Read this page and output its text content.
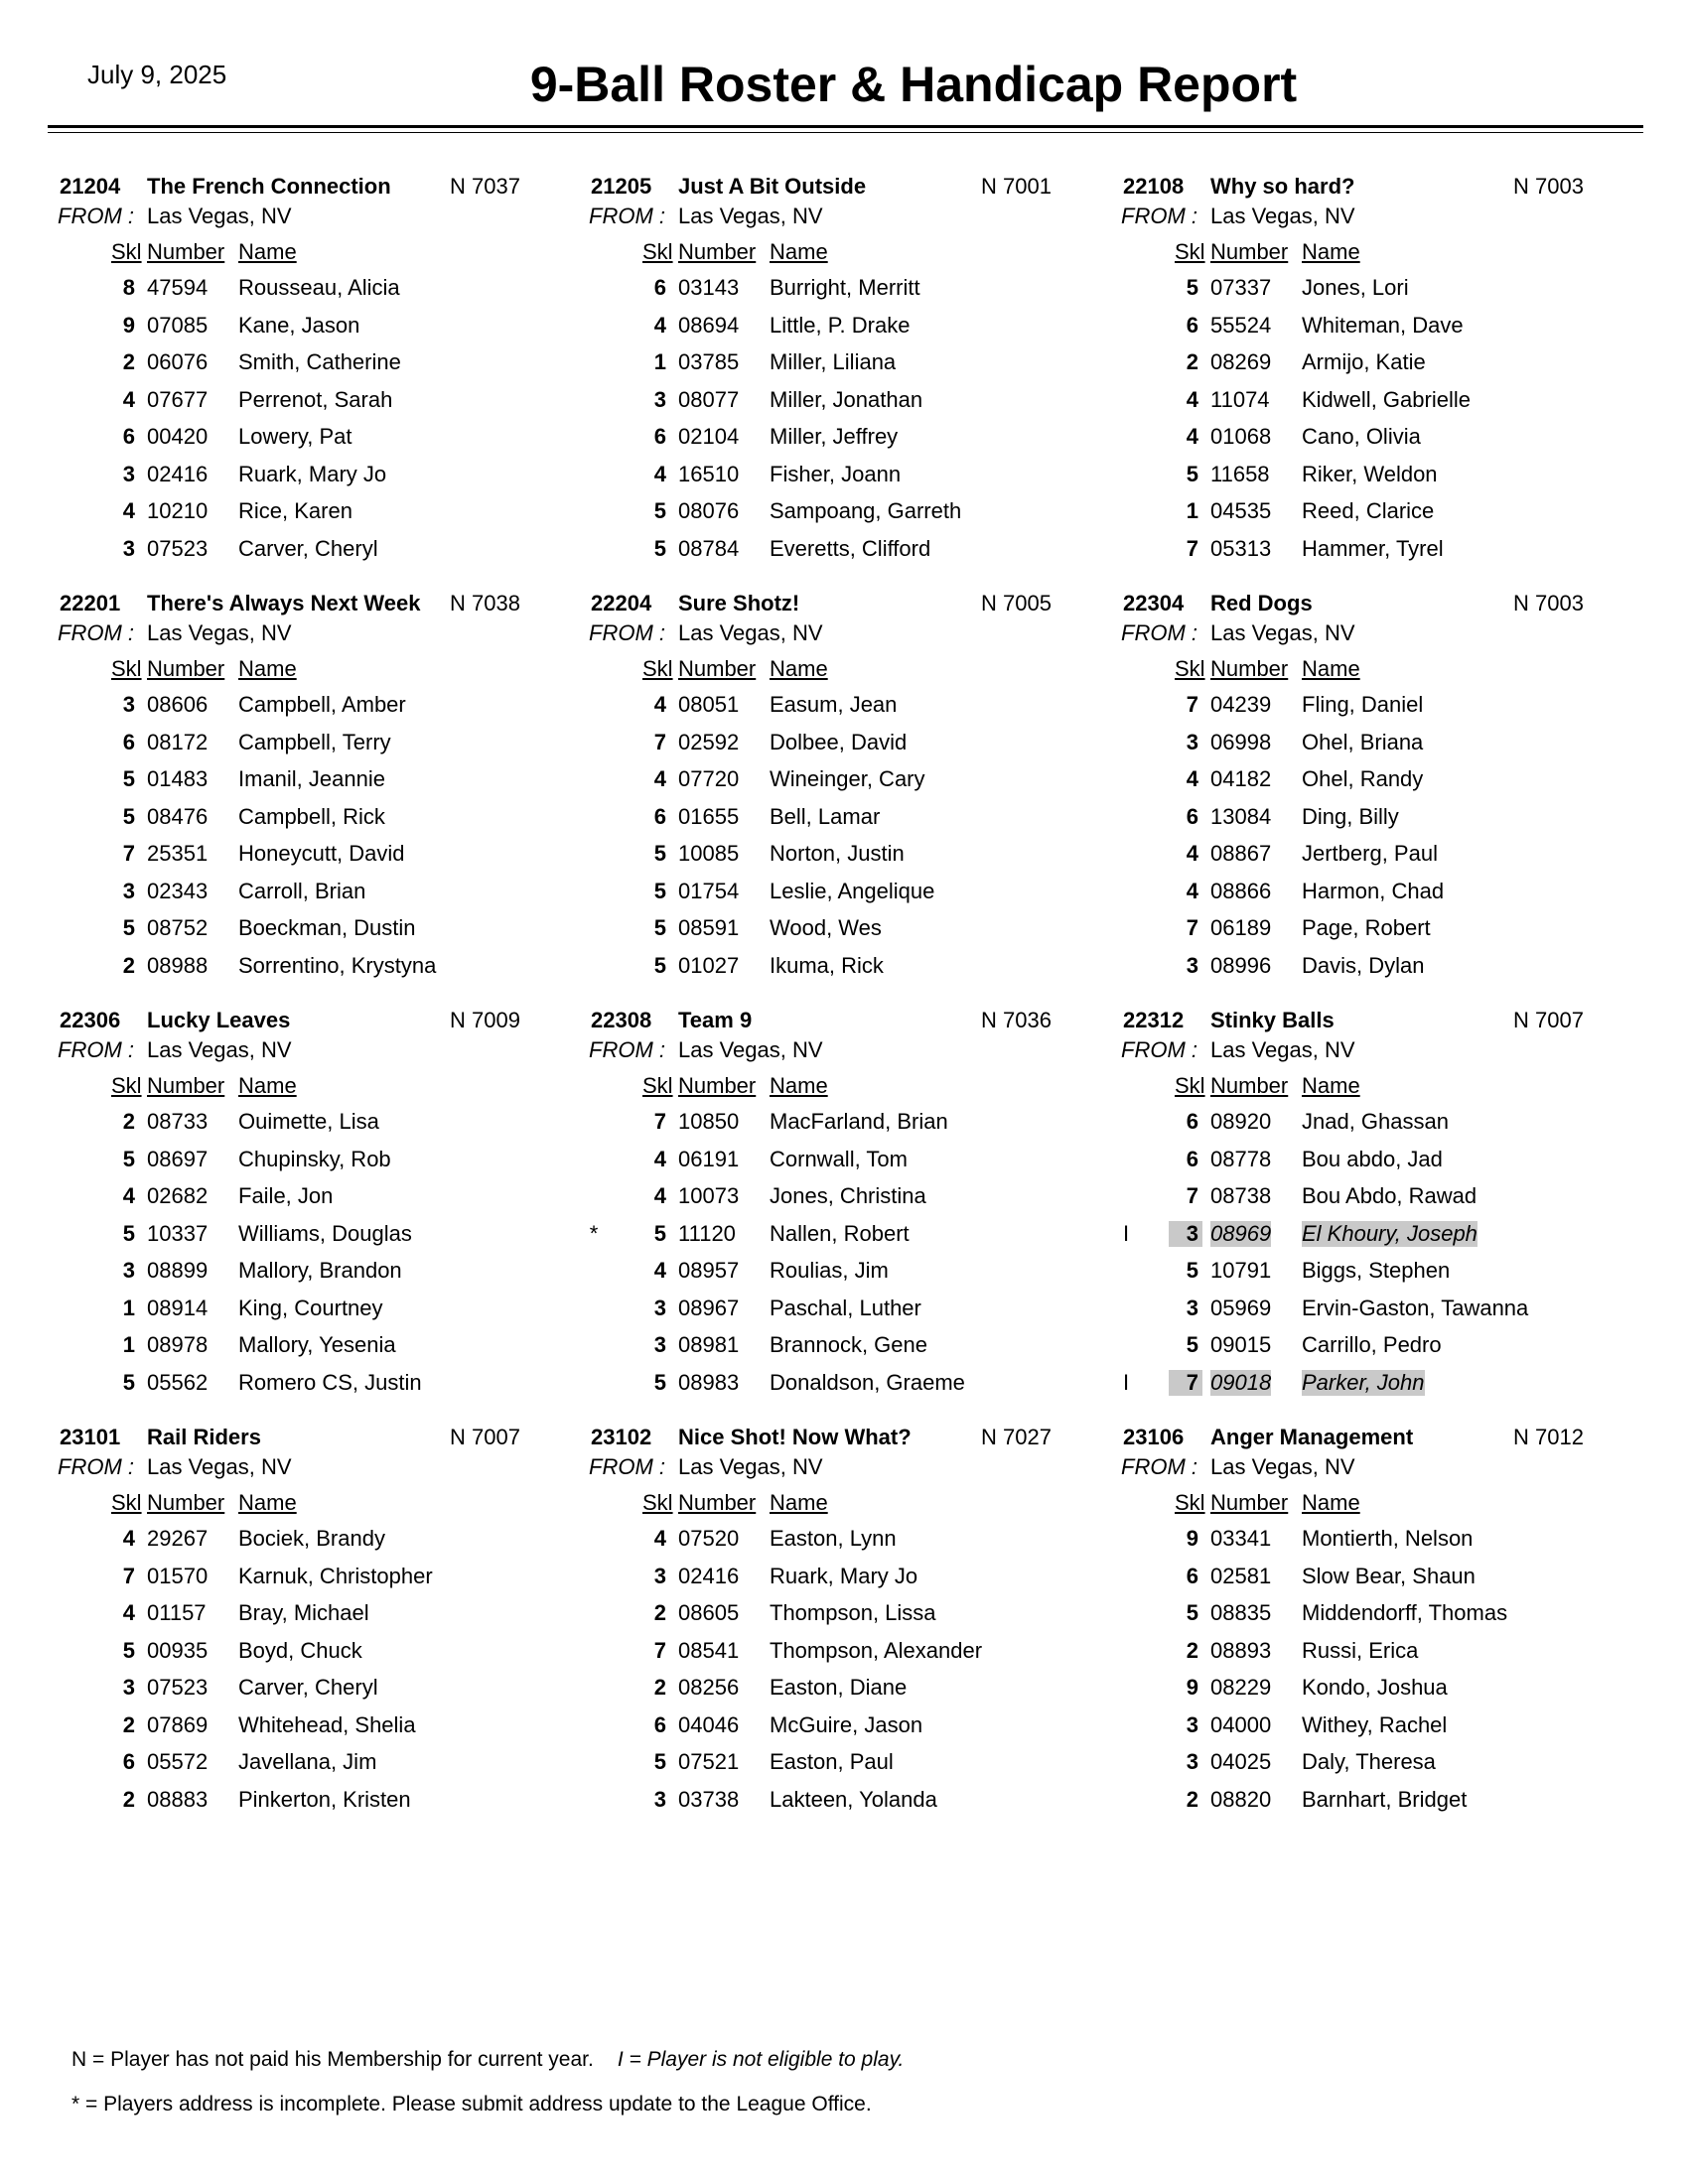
July 9, 2025	9-Ball Roster & Handicap Report
21204 The French Connection	N 7037
FROM : Las Vegas, NV
Skl Number Name
8 47594 Rousseau, Alicia
9 07085 Kane, Jason
2 06076 Smith, Catherine
4 07677 Perrenot, Sarah
6 00420 Lowery, Pat
3 02416 Ruark, Mary Jo
4 10210 Rice, Karen
3 07523 Carver, Cheryl
21205 Just A Bit Outside	N 7001
FROM : Las Vegas, NV
Skl Number Name
6 03143 Burright, Merritt
4 08694 Little, P. Drake
1 03785 Miller, Liliana
3 08077 Miller, Jonathan
6 02104 Miller, Jeffrey
4 16510 Fisher, Joann
5 08076 Sampoang, Garreth
5 08784 Everetts, Clifford
22108 Why so hard?	N 7003
FROM : Las Vegas, NV
Skl Number Name
5 07337 Jones, Lori
6 55524 Whiteman, Dave
2 08269 Armijo, Katie
4 11074 Kidwell, Gabrielle
4 01068 Cano, Olivia
5 11658 Riker, Weldon
1 04535 Reed, Clarice
7 05313 Hammer, Tyrel
22201 There's Always Next Week N 7038
FROM : Las Vegas, NV
Skl Number Name
3 08606 Campbell, Amber
6 08172 Campbell, Terry
5 01483 Imanil, Jeannie
5 08476 Campbell, Rick
7 25351 Honeycutt, David
3 02343 Carroll, Brian
5 08752 Boeckman, Dustin
2 08988 Sorrentino, Krystyna
22204 Sure Shotz!	N 7005
FROM : Las Vegas, NV
Skl Number Name
4 08051 Easum, Jean
7 02592 Dolbee, David
4 07720 Wineinger, Cary
6 01655 Bell, Lamar
5 10085 Norton, Justin
5 01754 Leslie, Angelique
5 08591 Wood, Wes
5 01027 Ikuma, Rick
22304 Red Dogs	N 7003
FROM : Las Vegas, NV
Skl Number Name
7 04239 Fling, Daniel
3 06998 Ohel, Briana
4 04182 Ohel, Randy
6 13084 Ding, Billy
4 08867 Jertberg, Paul
4 08866 Harmon, Chad
7 06189 Page, Robert
3 08996 Davis, Dylan
22306 Lucky Leaves	N 7009
FROM : Las Vegas, NV
Skl Number Name
2 08733 Ouimette, Lisa
5 08697 Chupinsky, Rob
4 02682 Faile, Jon
5 10337 Williams, Douglas
3 08899 Mallory, Brandon
1 08914 King, Courtney
1 08978 Mallory, Yesenia
5 05562 Romero CS, Justin
22308 Team 9	N 7036
FROM : Las Vegas, NV
Skl Number Name
7 10850 MacFarland, Brian
4 06191 Cornwall, Tom
4 10073 Jones, Christina
*	5 11120 Nallen, Robert
4 08957 Roulias, Jim
3 08967 Paschal, Luther
3 08981 Brannock, Gene
5 08983 Donaldson, Graeme
22312 Stinky Balls	N 7007
FROM : Las Vegas, NV
Skl Number Name
6 08920 Jnad, Ghassan
6 08778 Bou abdo, Jad
7 08738 Bou Abdo, Rawad
I	3 08969 El Khoury, Joseph
5 10791 Biggs, Stephen
3 05969 Ervin-Gaston, Tawanna
5 09015 Carrillo, Pedro
I	7 09018 Parker, John
23101 Rail Riders	N 7007
FROM : Las Vegas, NV
Skl Number Name
4 29267 Bociek, Brandy
7 01570 Karnuk, Christopher
4 01157 Bray, Michael
5 00935 Boyd, Chuck
3 07523 Carver, Cheryl
2 07869 Whitehead, Shelia
6 05572 Javellana, Jim
2 08883 Pinkerton, Kristen
23102 Nice Shot! Now What?	N 7027
FROM : Las Vegas, NV
Skl Number Name
4 07520 Easton, Lynn
3 02416 Ruark, Mary Jo
2 08605 Thompson, Lissa
7 08541 Thompson, Alexander
2 08256 Easton, Diane
6 04046 McGuire, Jason
5 07521 Easton, Paul
3 03738 Lakteen, Yolanda
23106 Anger Management	N 7012
FROM : Las Vegas, NV
Skl Number Name
9 03341 Montierth, Nelson
6 02581 Slow Bear, Shaun
5 08835 Middendorff, Thomas
2 08893 Russi, Erica
9 08229 Kondo, Joshua
3 04000 Withey, Rachel
3 04025 Daly, Theresa
2 08820 Barnhart, Bridget
N = Player has not paid his Membership for current year. I = Player is not eligible to play.
* = Players address is incomplete. Please submit address update to the League Office.
